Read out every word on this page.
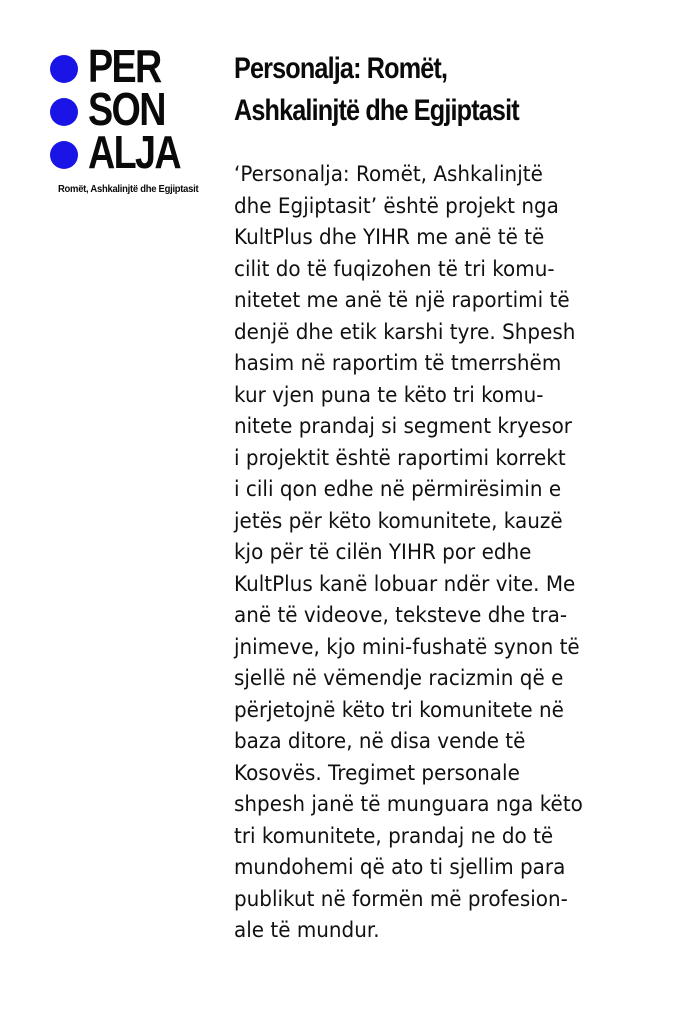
PER
SON
ALJA
Romët, Ashkalinjtë dhe Egjiptasit
Personalja: Romët,
Ashkalinjtë dhe Egjiptasit
‘Personalja: Romët, Ashkalinjtë
dhe Egjiptasit’ është projekt nga
KultPlus dhe YIHR me anë të të
cilit do të fuqizohen të tri komu-
nitetet me anë të një raportimi të
denjë dhe etik karshi tyre. Shpesh
hasim në raportim të tmerrshëm
kur vjen puna te këto tri komu-
nitete prandaj si segment kryesor
i projektit është raportimi korrekt
i cili qon edhe në përmirësimin e
jetës për këto komunitete, kauzë
kjo për të cilën YIHR por edhe
KultPlus kanë lobuar ndër vite. Me
anë të videove, teksteve dhe tra-
jnimeve, kjo mini-fushatë synon të
sjellë në vëmendje racizmin që e
përjetojnë këto tri komunitete në
baza ditore, në disa vende të
Kosovës. Tregimet personale
shpesh janë të munguara nga këto
tri komunitete, prandaj ne do të
mundohemi që ato ti sjellim para
publikut në formën më profesion-
ale të mundur.
